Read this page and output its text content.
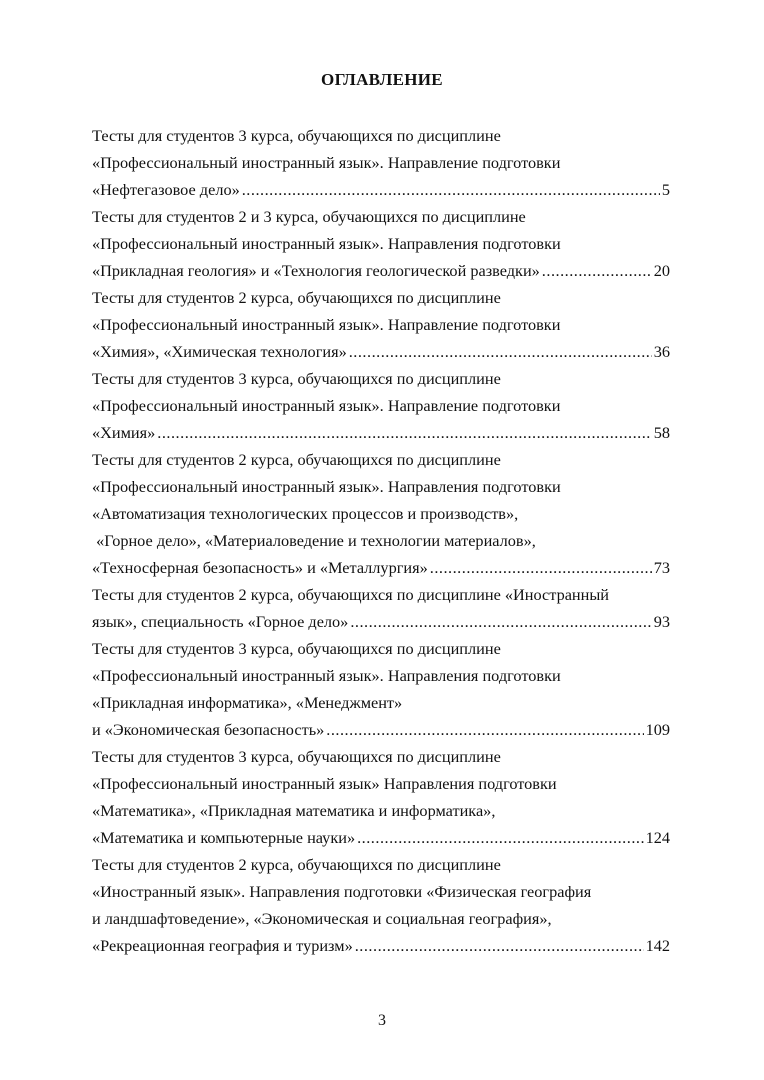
ОГЛАВЛЕНИЕ
Тесты для студентов 3 курса, обучающихся по дисциплине
«Профессиональный иностранный язык». Направление подготовки
«Нефтегазовое дело» .....	5
Тесты для студентов 2 и 3 курса, обучающихся по дисциплине
«Профессиональный иностранный язык». Направления подготовки
«Прикладная геология» и «Технология геологической разведки» .....	20
Тесты для студентов 2 курса, обучающихся по дисциплине
«Профессиональный иностранный язык». Направление подготовки
«Химия», «Химическая технология» .....	36
Тесты для студентов 3 курса, обучающихся по дисциплине
«Профессиональный иностранный язык». Направление подготовки
«Химия» .....	58
Тесты для студентов 2 курса, обучающихся по дисциплине
«Профессиональный иностранный язык». Направления подготовки
«Автоматизация технологических процессов и производств»,
«Горное дело», «Материаловедение и технологии материалов»,
«Техносферная безопасность» и «Металлургия» .....	73
Тесты для студентов 2 курса, обучающихся по дисциплине «Иностранный
язык», специальность «Горное дело» .....	93
Тесты для студентов 3 курса, обучающихся по дисциплине
«Профессиональный иностранный язык». Направления подготовки
«Прикладная информатика», «Менеджмент»
и «Экономическая безопасность» .....	109
Тесты для студентов 3 курса, обучающихся по дисциплине
«Профессиональный иностранный язык» Направления подготовки
«Математика», «Прикладная математика и информатика»,
«Математика и компьютерные науки» .....	124
Тесты для студентов 2 курса, обучающихся по дисциплине
«Иностранный язык». Направления подготовки «Физическая география
и ландшафтоведение», «Экономическая и социальная география»,
«Рекреационная география и туризм» .....	142
3
